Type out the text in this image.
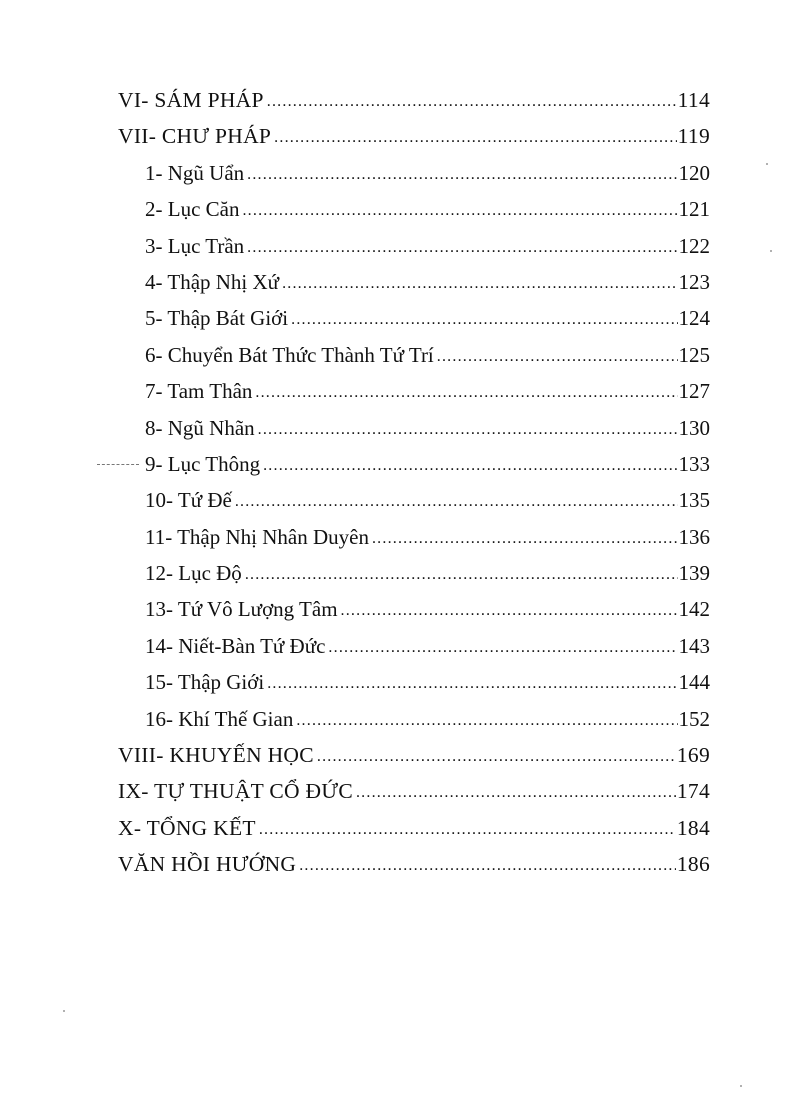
VI- SÁM PHÁP .....	114
VII- CHƯ PHÁP .....	119
1- Ngũ Uẩn .....	120
2- Lục Căn .....	121
3- Lục Trần .....	122
4- Thập Nhị Xứ .....	123
5- Thập Bát Giới .....	124
6- Chuyển Bát Thức Thành Tứ Trí .....	125
7- Tam Thân .....	127
8- Ngũ Nhãn .....	130
9- Lục Thông .....	133
10- Tứ Đế .....	135
11- Thập Nhị Nhân Duyên .....	136
12- Lục Độ .....	139
13- Tứ Vô Lượng Tâm .....	142
14- Niết-Bàn Tứ Đức .....	143
15- Thập Giới .....	144
16- Khí Thế Gian .....	152
VIII- KHUYẾN HỌC .....	169
IX- TỰ THUẬT CỔ ĐỨC .....	174
X- TỔNG KẾT .....	184
VĂN HỒI HƯỚNG .....	186
